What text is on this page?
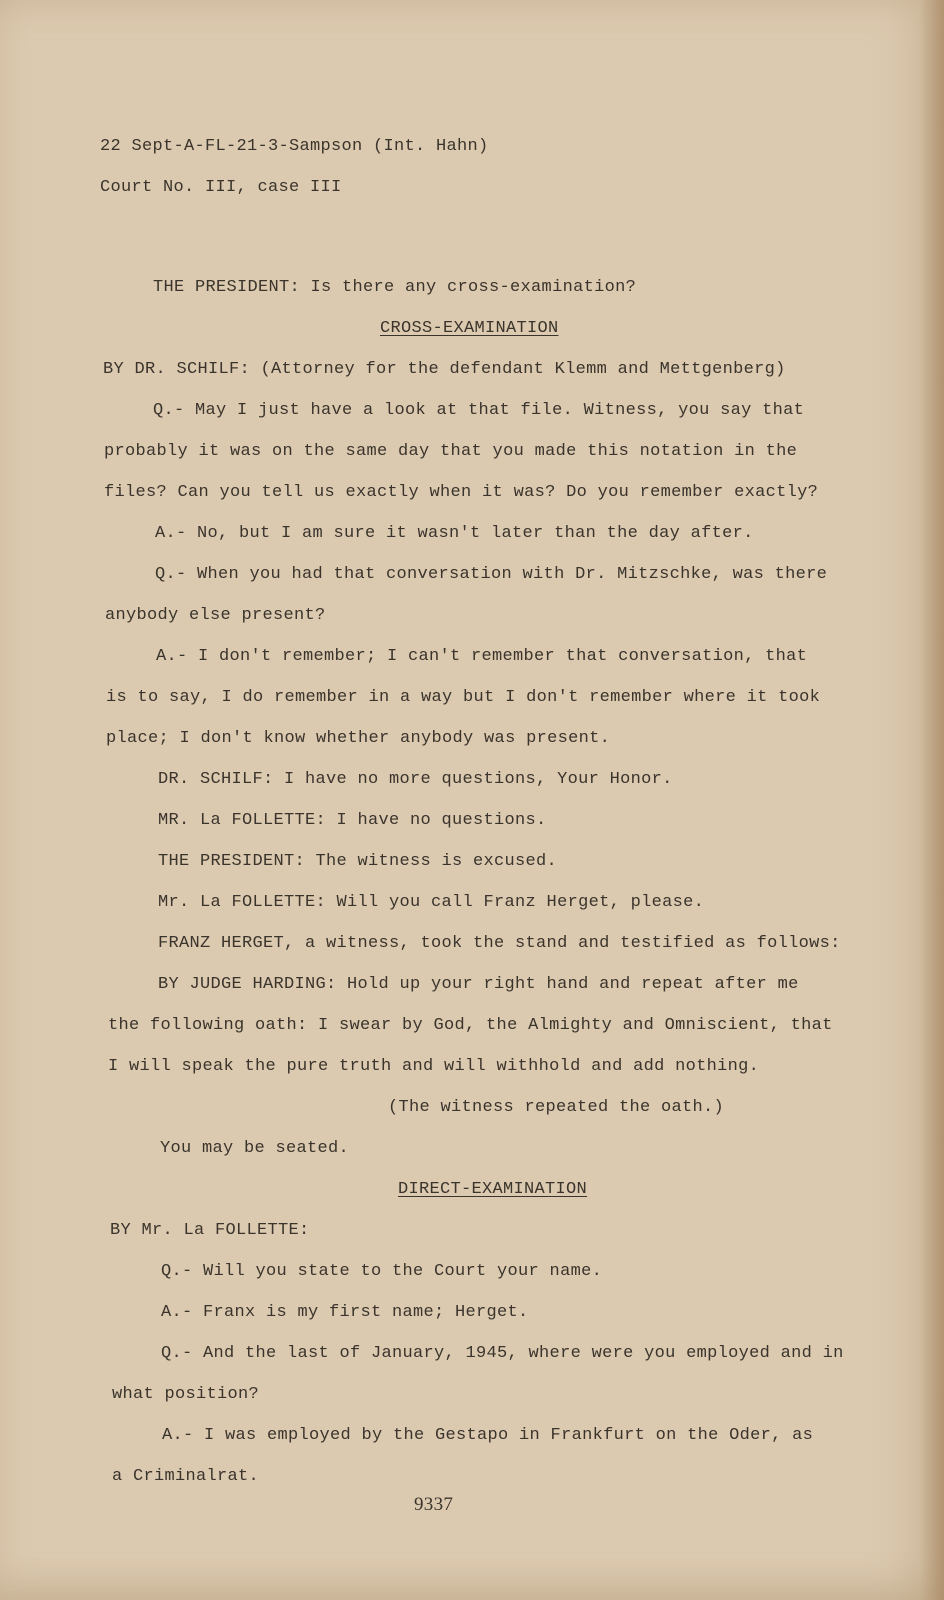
22 Sept-A-FL-21-3-Sampson (Int. Hahn)
Court No. III, case III
THE PRESIDENT: Is there any cross-examination?
CROSS-EXAMINATION
BY DR. SCHILF: (Attorney for the defendant Klemm and Mettgenberg)
Q.- May I just have a look at that file. Witness, you say that
probably it was on the same day that you made this notation in the
files? Can you tell us exactly when it was? Do you remember exactly?
A.- No, but I am sure it wasn't later than the day after.
Q.- When you had that conversation with Dr. Mitzschke, was there
anybody else present?
A.- I don't remember; I can't remember that conversation, that
is to say, I do remember in a way but I don't remember where it took
place; I don't know whether anybody was present.
DR. SCHILF: I have no more questions, Your Honor.
MR. La FOLLETTE: I have no questions.
THE PRESIDENT: The witness is excused.
Mr. La FOLLETTE: Will you call Franz Herget, please.
FRANZ HERGET, a witness, took the stand and testified as follows:
BY JUDGE HARDING: Hold up your right hand and repeat after me
the following oath: I swear by God, the Almighty and Omniscient, that
I will speak the pure truth and will withhold and add nothing.
(The witness repeated the oath.)
You may be seated.
DIRECT-EXAMINATION
BY Mr. La FOLLETTE:
Q.- Will you state to the Court your name.
A.- Franx is my first name; Herget.
Q.- And the last of January, 1945, where were you employed and in
what position?
A.- I was employed by the Gestapo in Frankfurt on the Oder, as
a Criminalrat.
9337
